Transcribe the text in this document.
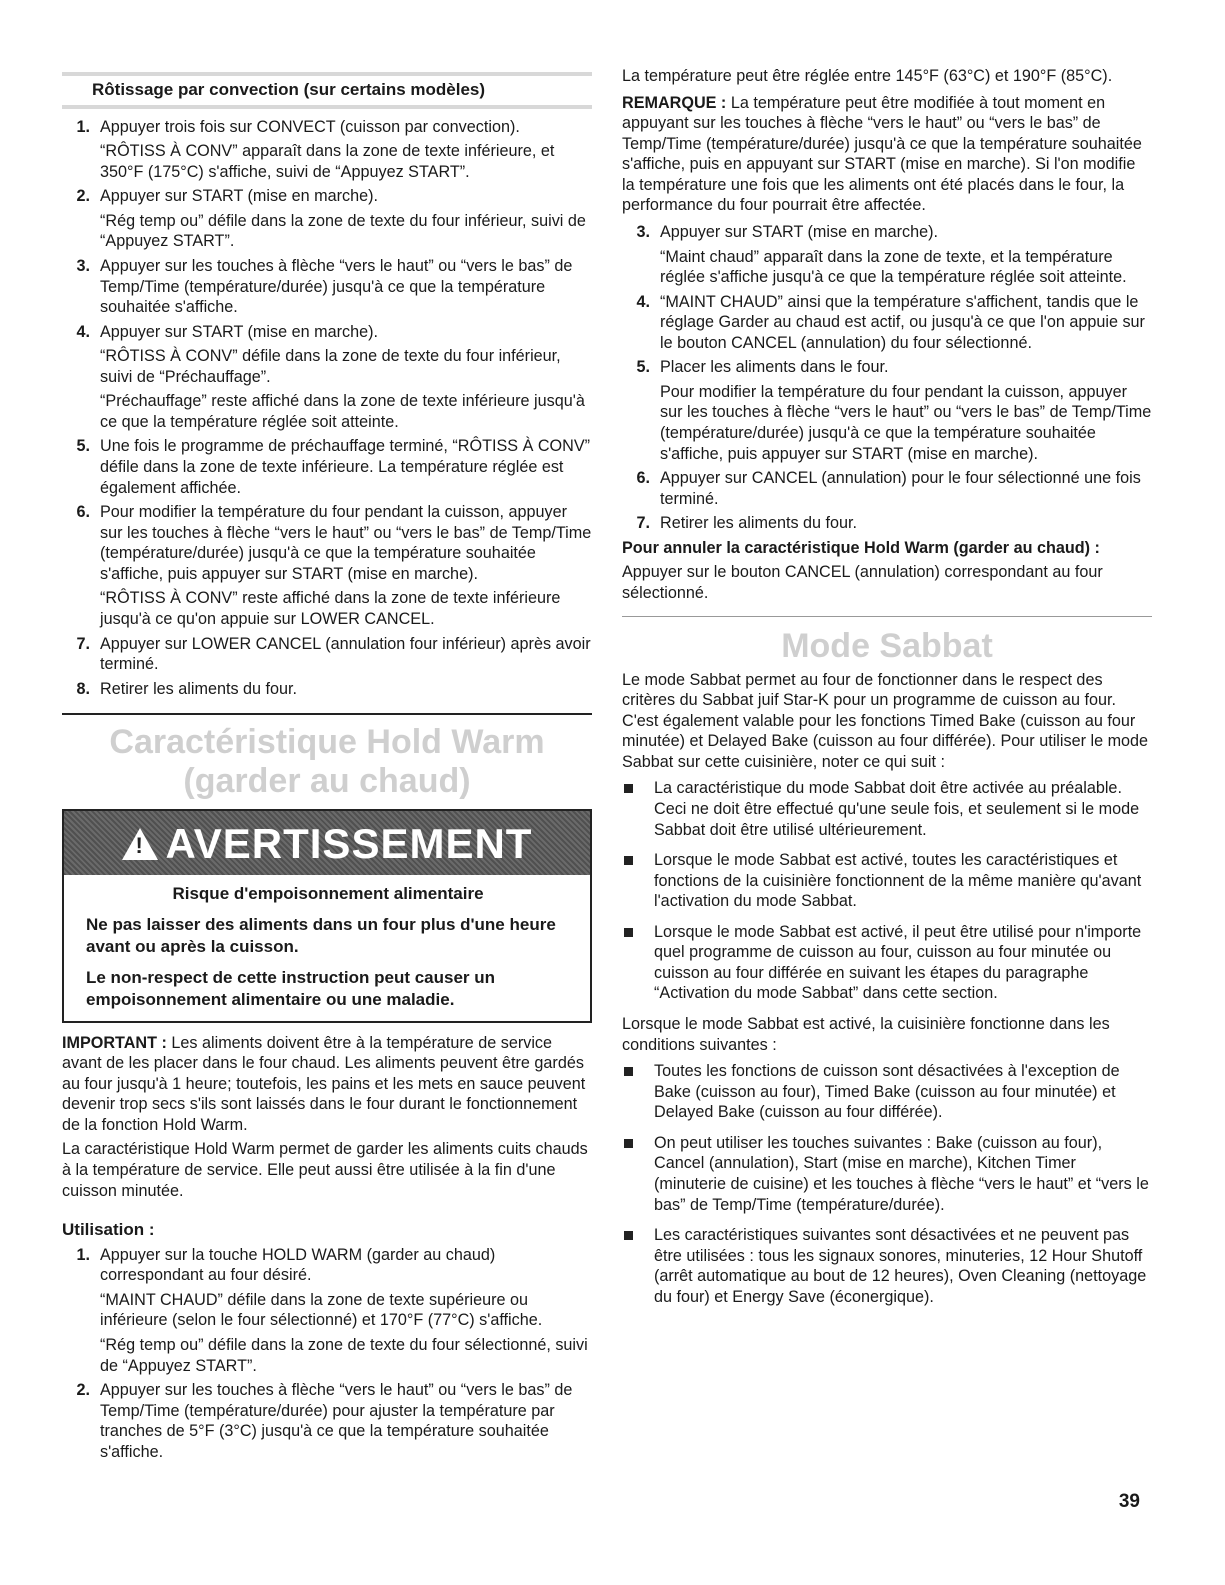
Rôtissage par convection (sur certains modèles)
1. Appuyer trois fois sur CONVECT (cuisson par convection).

“RÔTISS À CONV” apparaît dans la zone de texte inférieure, et 350°F (175°C) s'affiche, suivi de “Appuyez START”.

2. Appuyer sur START (mise en marche).

“Rég temp ou” défile dans la zone de texte du four inférieur, suivi de “Appuyez START”.

3. Appuyer sur les touches à flèche “vers le haut” ou “vers le bas” de Temp/Time (température/durée) jusqu'à ce que la température souhaitée s'affiche.

4. Appuyer sur START (mise en marche).

“RÔTISS À CONV” défile dans la zone de texte du four inférieur, suivi de “Préchauffage”.

“Préchauffage” reste affiché dans la zone de texte inférieure jusqu'à ce que la température réglée soit atteinte.

5. Une fois le programme de préchauffage terminé, “RÔTISS À CONV” défile dans la zone de texte inférieure. La température réglée est également affichée.

6. Pour modifier la température du four pendant la cuisson, appuyer sur les touches à flèche “vers le haut” ou “vers le bas” de Temp/Time (température/durée) jusqu'à ce que la température souhaitée s'affiche, puis appuyer sur START (mise en marche).

“RÔTISS À CONV” reste affiché dans la zone de texte inférieure jusqu'à ce qu'on appuie sur LOWER CANCEL.

7. Appuyer sur LOWER CANCEL (annulation four inférieur) après avoir terminé.

8. Retirer les aliments du four.

Caractéristique Hold Warm (garder au chaud)
! AVERTISSEMENT
Risque d'empoisonnement alimentaire

Ne pas laisser des aliments dans un four plus d'une heure avant ou après la cuisson.

Le non-respect de cette instruction peut causer un empoisonnement alimentaire ou une maladie.

IMPORTANT : Les aliments doivent être à la température de service avant de les placer dans le four chaud. Les aliments peuvent être gardés au four jusqu'à 1 heure; toutefois, les pains et les mets en sauce peuvent devenir trop secs s'ils sont laissés dans le four durant le fonctionnement de la fonction Hold Warm.

La caractéristique Hold Warm permet de garder les aliments cuits chauds à la température de service. Elle peut aussi être utilisée à la fin d'une cuisson minutée.

Utilisation :
1. Appuyer sur la touche HOLD WARM (garder au chaud) correspondant au four désiré.

“MAINT CHAUD” défile dans la zone de texte supérieure ou inférieure (selon le four sélectionné) et 170°F (77°C) s'affiche.

“Rég temp ou” défile dans la zone de texte du four sélectionné, suivi de “Appuyez START”.

2. Appuyer sur les touches à flèche “vers le haut” ou “vers le bas” de Temp/Time (température/durée) pour ajuster la température par tranches de 5°F (3°C) jusqu'à ce que la température souhaitée s'affiche.

La température peut être réglée entre 145°F (63°C) et 190°F (85°C).

REMARQUE : La température peut être modifiée à tout moment en appuyant sur les touches à flèche “vers le haut” ou “vers le bas” de Temp/Time (température/durée) jusqu'à ce que la température souhaitée s'affiche, puis en appuyant sur START (mise en marche). Si l'on modifie la température une fois que les aliments ont été placés dans le four, la performance du four pourrait être affectée.

3. Appuyer sur START (mise en marche).

“Maint chaud” apparaît dans la zone de texte, et la température réglée s'affiche jusqu'à ce que la température réglée soit atteinte.

4. “MAINT CHAUD” ainsi que la température s'affichent, tandis que le réglage Garder au chaud est actif, ou jusqu'à ce que l'on appuie sur le bouton CANCEL (annulation) du four sélectionné.

5. Placer les aliments dans le four.

Pour modifier la température du four pendant la cuisson, appuyer sur les touches à flèche “vers le haut” ou “vers le bas” de Temp/Time (température/durée) jusqu'à ce que la température souhaitée s'affiche, puis appuyer sur START (mise en marche).

6. Appuyer sur CANCEL (annulation) pour le four sélectionné une fois terminé.

7. Retirer les aliments du four.

Pour annuler la caractéristique Hold Warm (garder au chaud) :

Appuyer sur le bouton CANCEL (annulation) correspondant au four sélectionné.

Mode Sabbat

Le mode Sabbat permet au four de fonctionner dans le respect des critères du Sabbat juif Star-K pour un programme de cuisson au four. C'est également valable pour les fonctions Timed Bake (cuisson au four minutée) et Delayed Bake (cuisson au four différée). Pour utiliser le mode Sabbat sur cette cuisinière, noter ce qui suit :

La caractéristique du mode Sabbat doit être activée au préalable. Ceci ne doit être effectué qu'une seule fois, et seulement si le mode Sabbat doit être utilisé ultérieurement.
Lorsque le mode Sabbat est activé, toutes les caractéristiques et fonctions de la cuisinière fonctionnent de la même manière qu'avant l'activation du mode Sabbat.
Lorsque le mode Sabbat est activé, il peut être utilisé pour n'importe quel programme de cuisson au four, cuisson au four minutée ou cuisson au four différée en suivant les étapes du paragraphe “Activation du mode Sabbat” dans cette section.

Lorsque le mode Sabbat est activé, la cuisinière fonctionne dans les conditions suivantes :

Toutes les fonctions de cuisson sont désactivées à l'exception de Bake (cuisson au four), Timed Bake (cuisson au four minutée) et Delayed Bake (cuisson au four différée).
On peut utiliser les touches suivantes : Bake (cuisson au four), Cancel (annulation), Start (mise en marche), Kitchen Timer (minuterie de cuisine) et les touches à flèche “vers le haut” et “vers le bas” de Temp/Time (température/durée).
Les caractéristiques suivantes sont désactivées et ne peuvent pas être utilisées : tous les signaux sonores, minuteries, 12 Hour Shutoff (arrêt automatique au bout de 12 heures), Oven Cleaning (nettoyage du four) et Energy Save (éconergique).
39
